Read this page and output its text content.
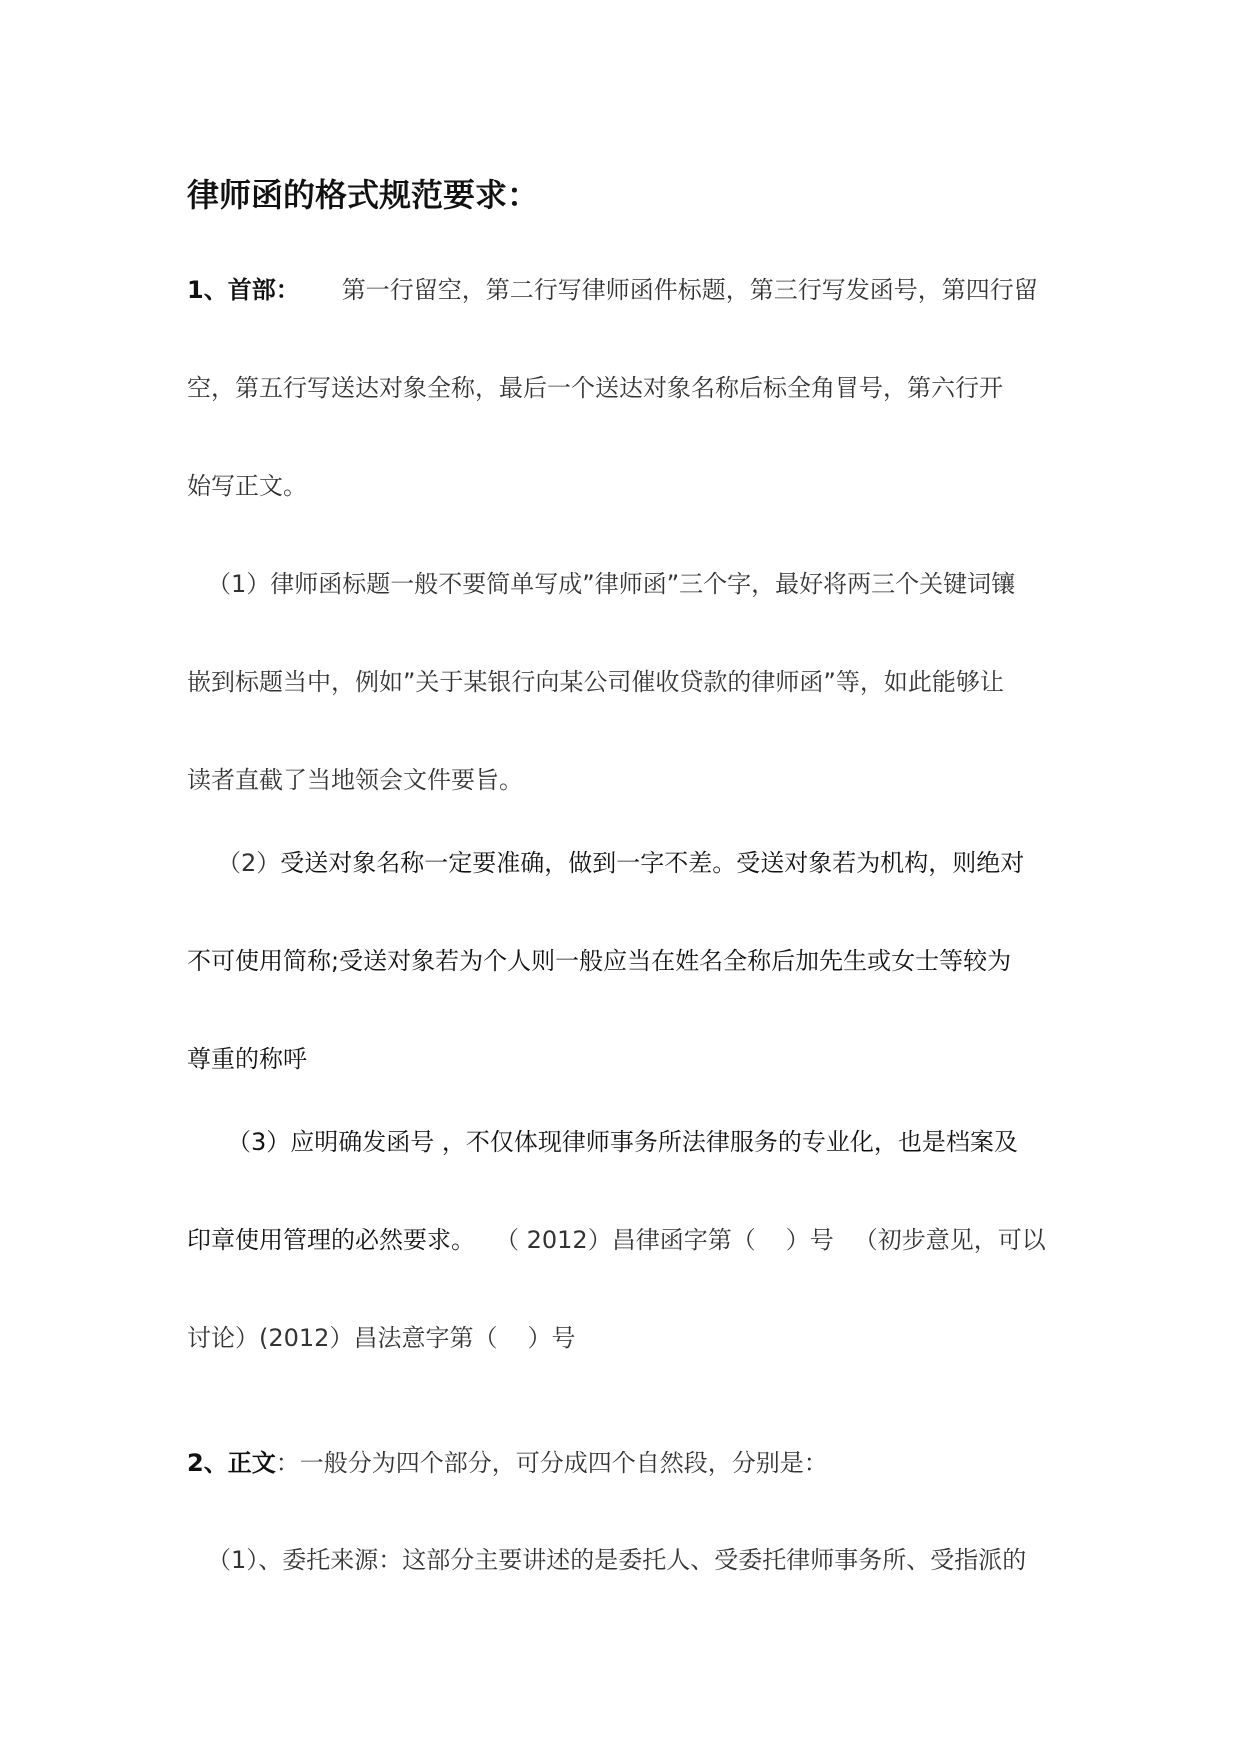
律师函的格式规范要求：
1、首部： 第一行留空，第二行写律师函件标题，第三行写发函号，第四行留
空，第五行写送达对象全称，最后一个送达对象名称后标全角冒号，第六行开
始写正文。
（1）律师函标题一般不要简单写成”律师函”三个字，最好将两三个关键词镶
嵌到标题当中，例如”关于某银行向某公司催收贷款的律师函”等，如此能够让
读者直截了当地领会文件要旨。
（2）受送对象名称一定要准确，做到一字不差。受送对象若为机构，则绝对
不可使用简称;受送对象若为个人则一般应当在姓名全称后加先生或女士等较为
尊重的称呼
（3）应明确发函号 ，不仅体现律师事务所法律服务的专业化，也是档案及
印章使用管理的必然要求。 （ 2012）昌律函字第（ ）号 （初步意见，可以
讨论）(2012）昌法意字第（ ）号
2、正文：一般分为四个部分，可分成四个自然段，分别是：
（1）、委托来源：这部分主要讲述的是委托人、受委托律师事务所、受指派的
